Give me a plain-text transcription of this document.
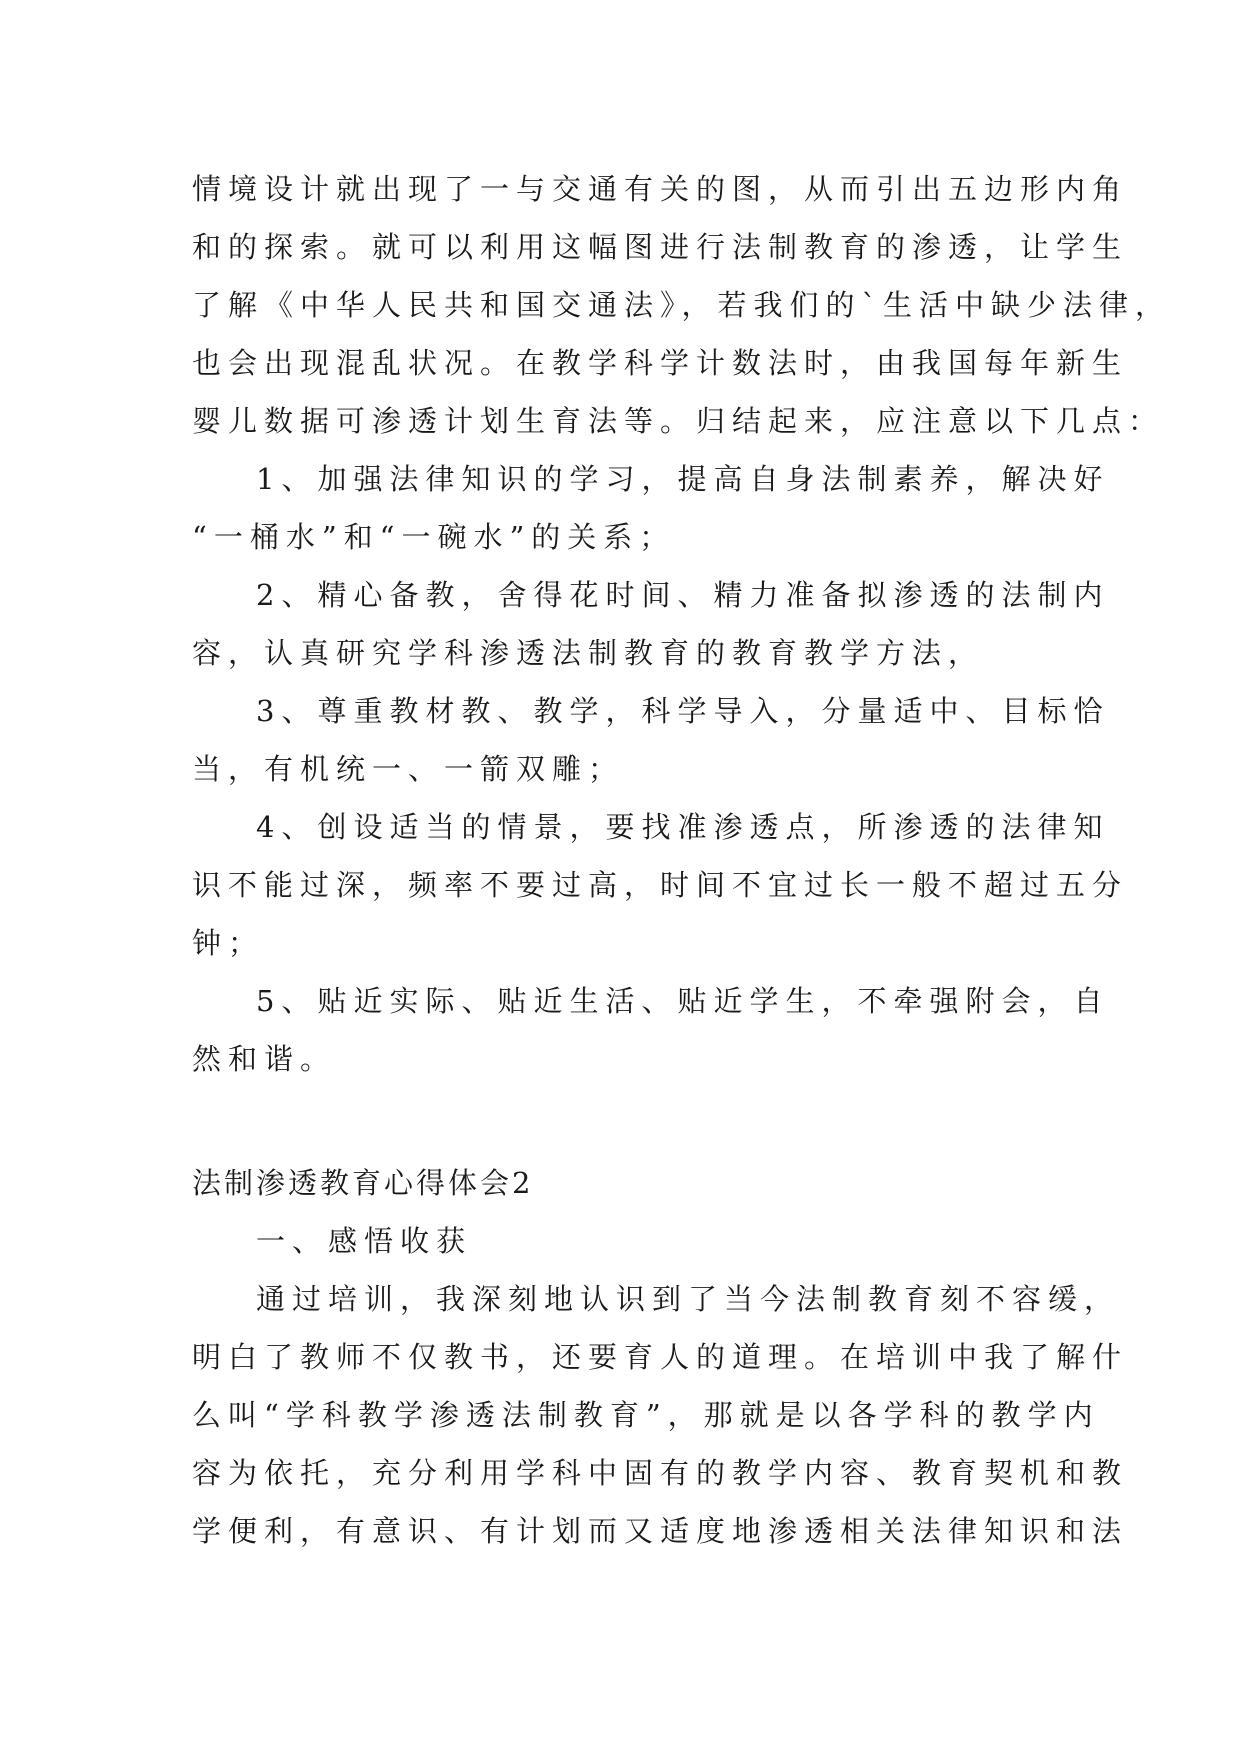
情境设计就出现了一与交通有关的图，从而引出五边形内角
和的探索。就可以利用这幅图进行法制教育的渗透，让学生
了解《中华人民共和国交通法》，若我们的`生活中缺少法律，
也会出现混乱状况。在教学科学计数法时，由我国每年新生
婴儿数据可渗透计划生育法等。归结起来，应注意以下几点：
1、加强法律知识的学习，提高自身法制素养，解决好
“一桶水”和“一碗水”的关系；
2、精心备教，舍得花时间、精力准备拟渗透的法制内
容，认真研究学科渗透法制教育的教育教学方法，
3、尊重教材教、教学，科学导入，分量适中、目标恰
当，有机统一、一箭双雕；
4、创设适当的情景，要找准渗透点，所渗透的法律知
识不能过深，频率不要过高，时间不宜过长一般不超过五分
钟；
5、贴近实际、贴近生活、贴近学生，不牵强附会，自
然和谐。
法制渗透教育心得体会2
一、感悟收获
通过培训，我深刻地认识到了当今法制教育刻不容缓，
明白了教师不仅教书，还要育人的道理。在培训中我了解什
么叫“学科教学渗透法制教育”，那就是以各学科的教学内
容为依托，充分利用学科中固有的教学内容、教育契机和教
学便利，有意识、有计划而又适度地渗透相关法律知识和法
